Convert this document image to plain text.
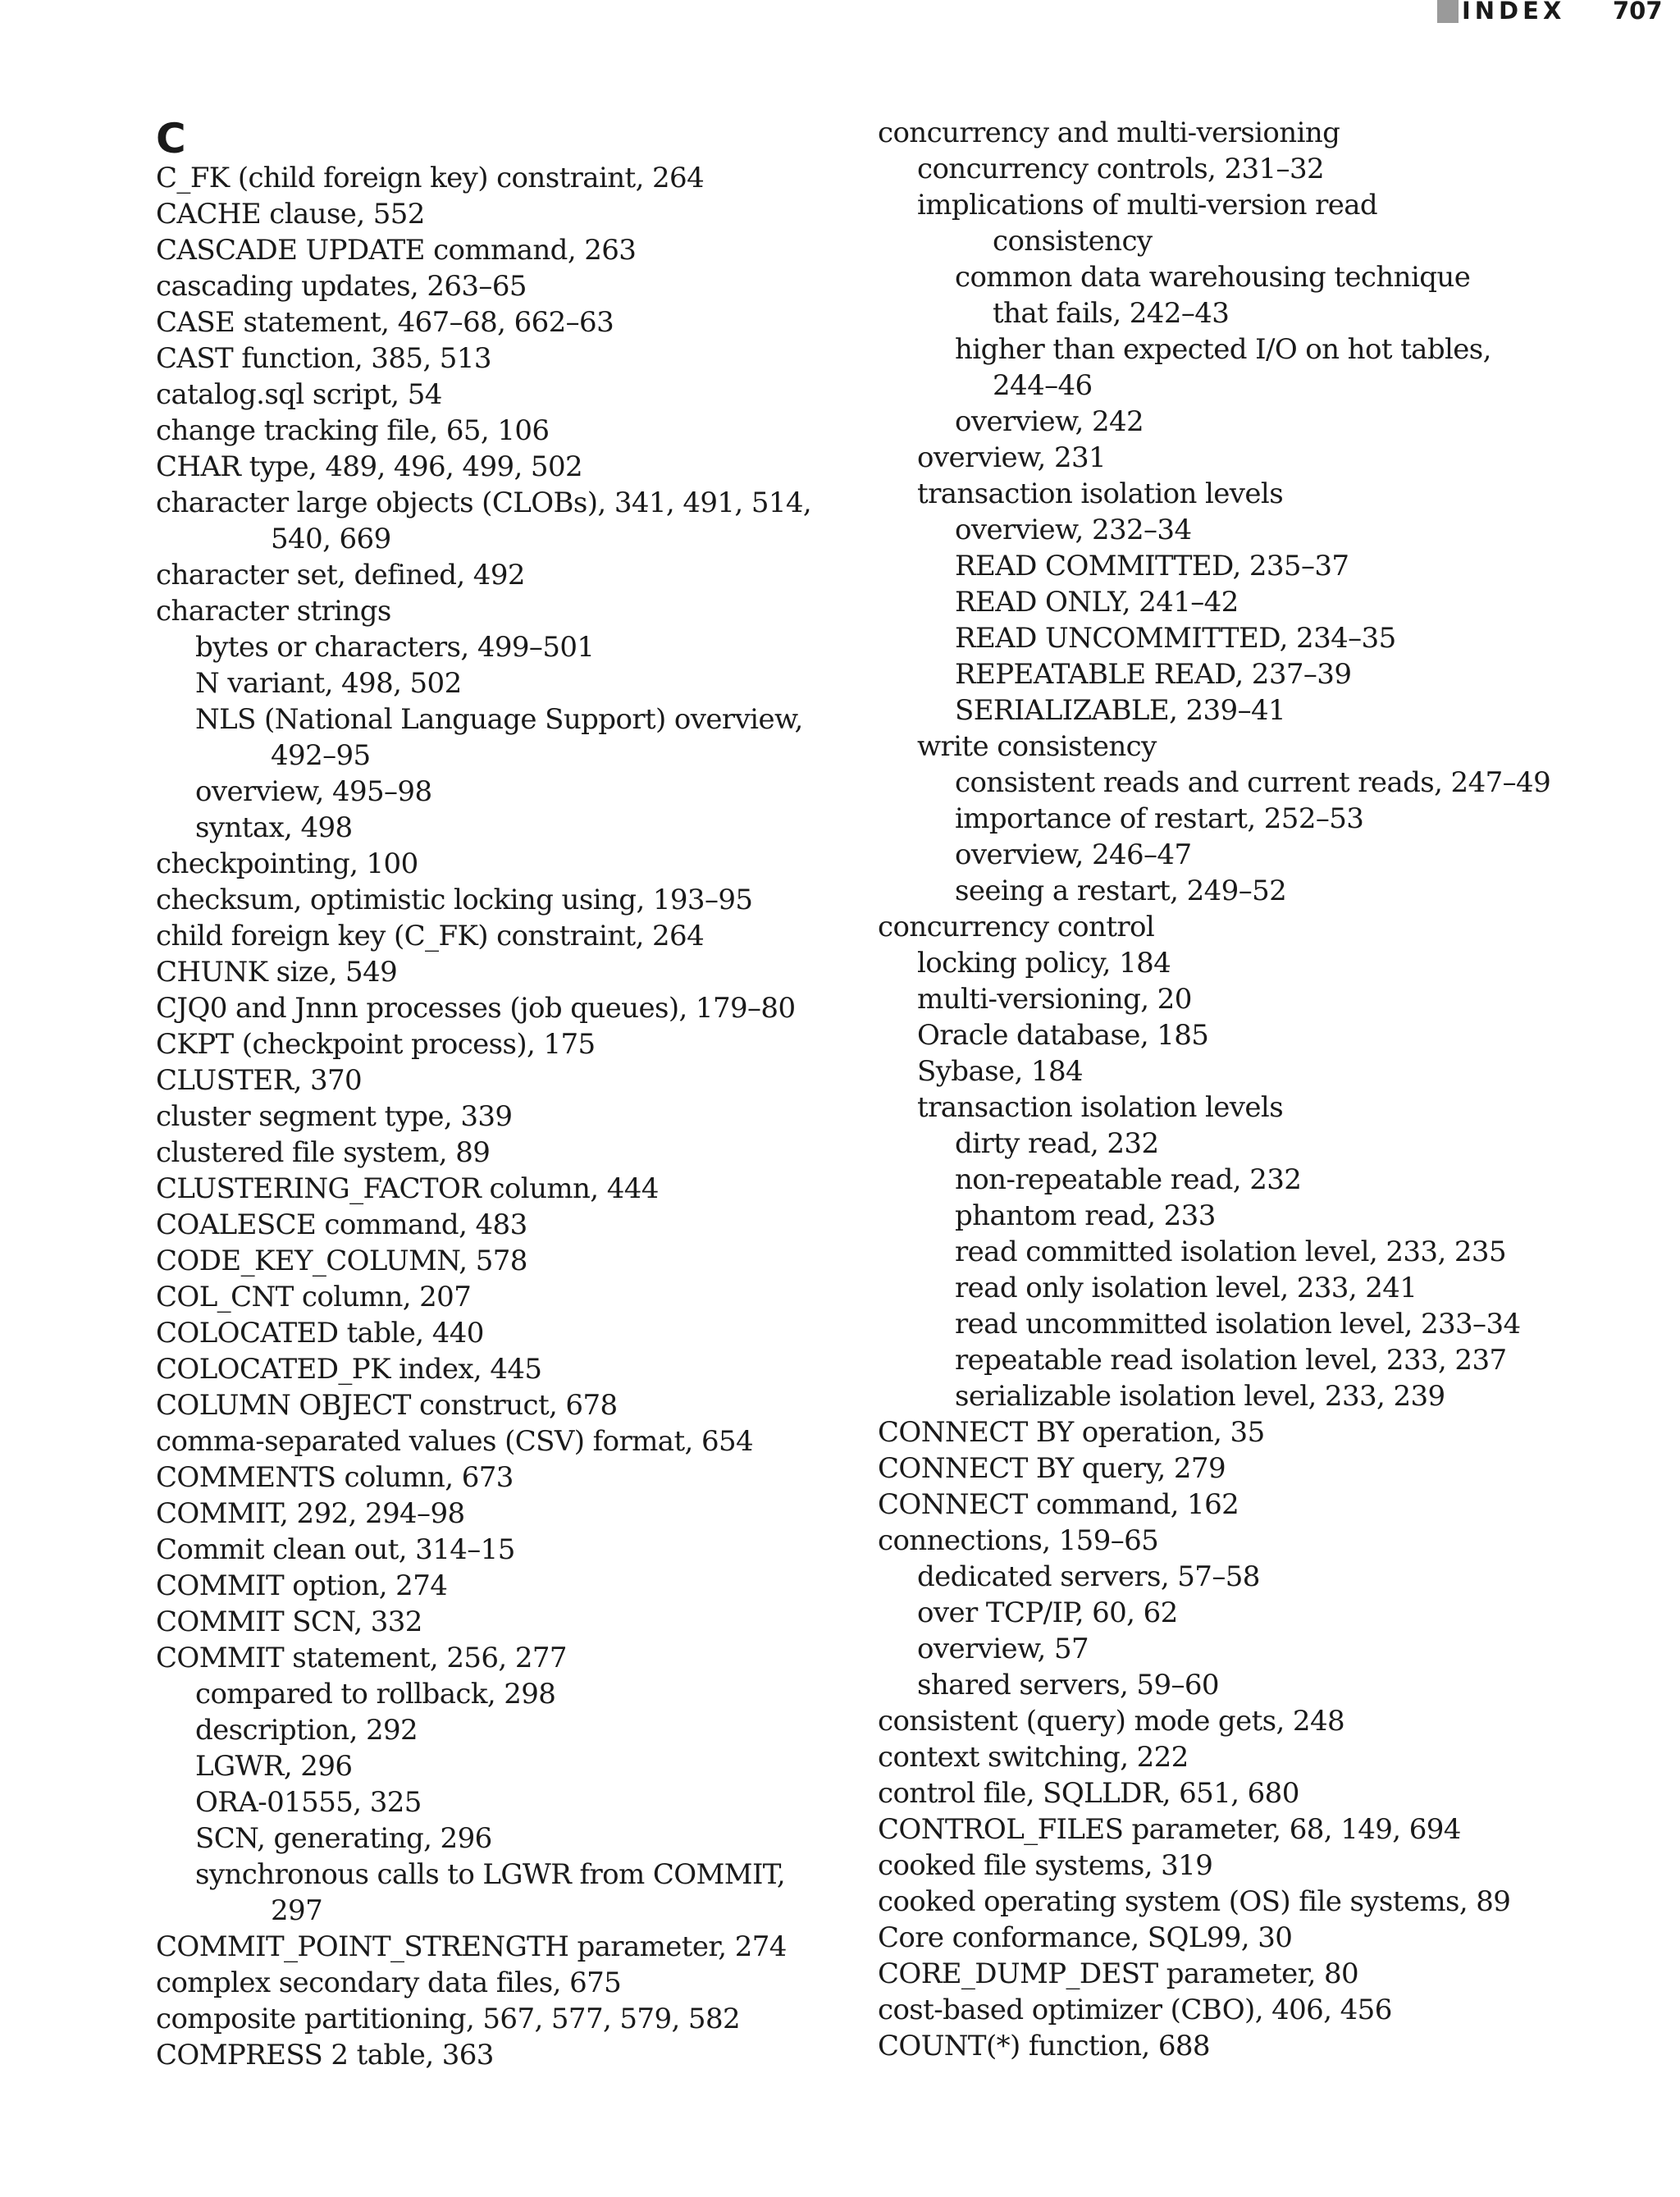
INDEX 707
C
C_FK (child foreign key) constraint, 264
CACHE clause, 552
CASCADE UPDATE command, 263
cascading updates, 263–65
CASE statement, 467–68, 662–63
CAST function, 385, 513
catalog.sql script, 54
change tracking file, 65, 106
CHAR type, 489, 496, 499, 502
character large objects (CLOBs), 341, 491, 514,
540, 669
character set, defined, 492
character strings
bytes or characters, 499–501
N variant, 498, 502
NLS (National Language Support) overview,
492–95
overview, 495–98
syntax, 498
checkpointing, 100
checksum, optimistic locking using, 193–95
child foreign key (C_FK) constraint, 264
CHUNK size, 549
CJQ0 and Jnnn processes (job queues), 179–80
CKPT (checkpoint process), 175
CLUSTER, 370
cluster segment type, 339
clustered file system, 89
CLUSTERING_FACTOR column, 444
COALESCE command, 483
CODE_KEY_COLUMN, 578
COL_CNT column, 207
COLOCATED table, 440
COLOCATED_PK index, 445
COLUMN OBJECT construct, 678
comma-separated values (CSV) format, 654
COMMENTS column, 673
COMMIT, 292, 294–98
Commit clean out, 314–15
COMMIT option, 274
COMMIT SCN, 332
COMMIT statement, 256, 277
compared to rollback, 298
description, 292
LGWR, 296
ORA-01555, 325
SCN, generating, 296
synchronous calls to LGWR from COMMIT,
297
COMMIT_POINT_STRENGTH parameter, 274
complex secondary data files, 675
composite partitioning, 567, 577, 579, 582
COMPRESS 2 table, 363
concurrency and multi-versioning
concurrency controls, 231–32
implications of multi-version read
consistency
common data warehousing technique
that fails, 242–43
higher than expected I/O on hot tables,
244–46
overview, 242
overview, 231
transaction isolation levels
overview, 232–34
READ COMMITTED, 235–37
READ ONLY, 241–42
READ UNCOMMITTED, 234–35
REPEATABLE READ, 237–39
SERIALIZABLE, 239–41
write consistency
consistent reads and current reads, 247–49
importance of restart, 252–53
overview, 246–47
seeing a restart, 249–52
concurrency control
locking policy, 184
multi-versioning, 20
Oracle database, 185
Sybase, 184
transaction isolation levels
dirty read, 232
non-repeatable read, 232
phantom read, 233
read committed isolation level, 233, 235
read only isolation level, 233, 241
read uncommitted isolation level, 233–34
repeatable read isolation level, 233, 237
serializable isolation level, 233, 239
CONNECT BY operation, 35
CONNECT BY query, 279
CONNECT command, 162
connections, 159–65
dedicated servers, 57–58
over TCP/IP, 60, 62
overview, 57
shared servers, 59–60
consistent (query) mode gets, 248
context switching, 222
control file, SQLLDR, 651, 680
CONTROL_FILES parameter, 68, 149, 694
cooked file systems, 319
cooked operating system (OS) file systems, 89
Core conformance, SQL99, 30
CORE_DUMP_DEST parameter, 80
cost-based optimizer (CBO), 406, 456
COUNT(*) function, 688
